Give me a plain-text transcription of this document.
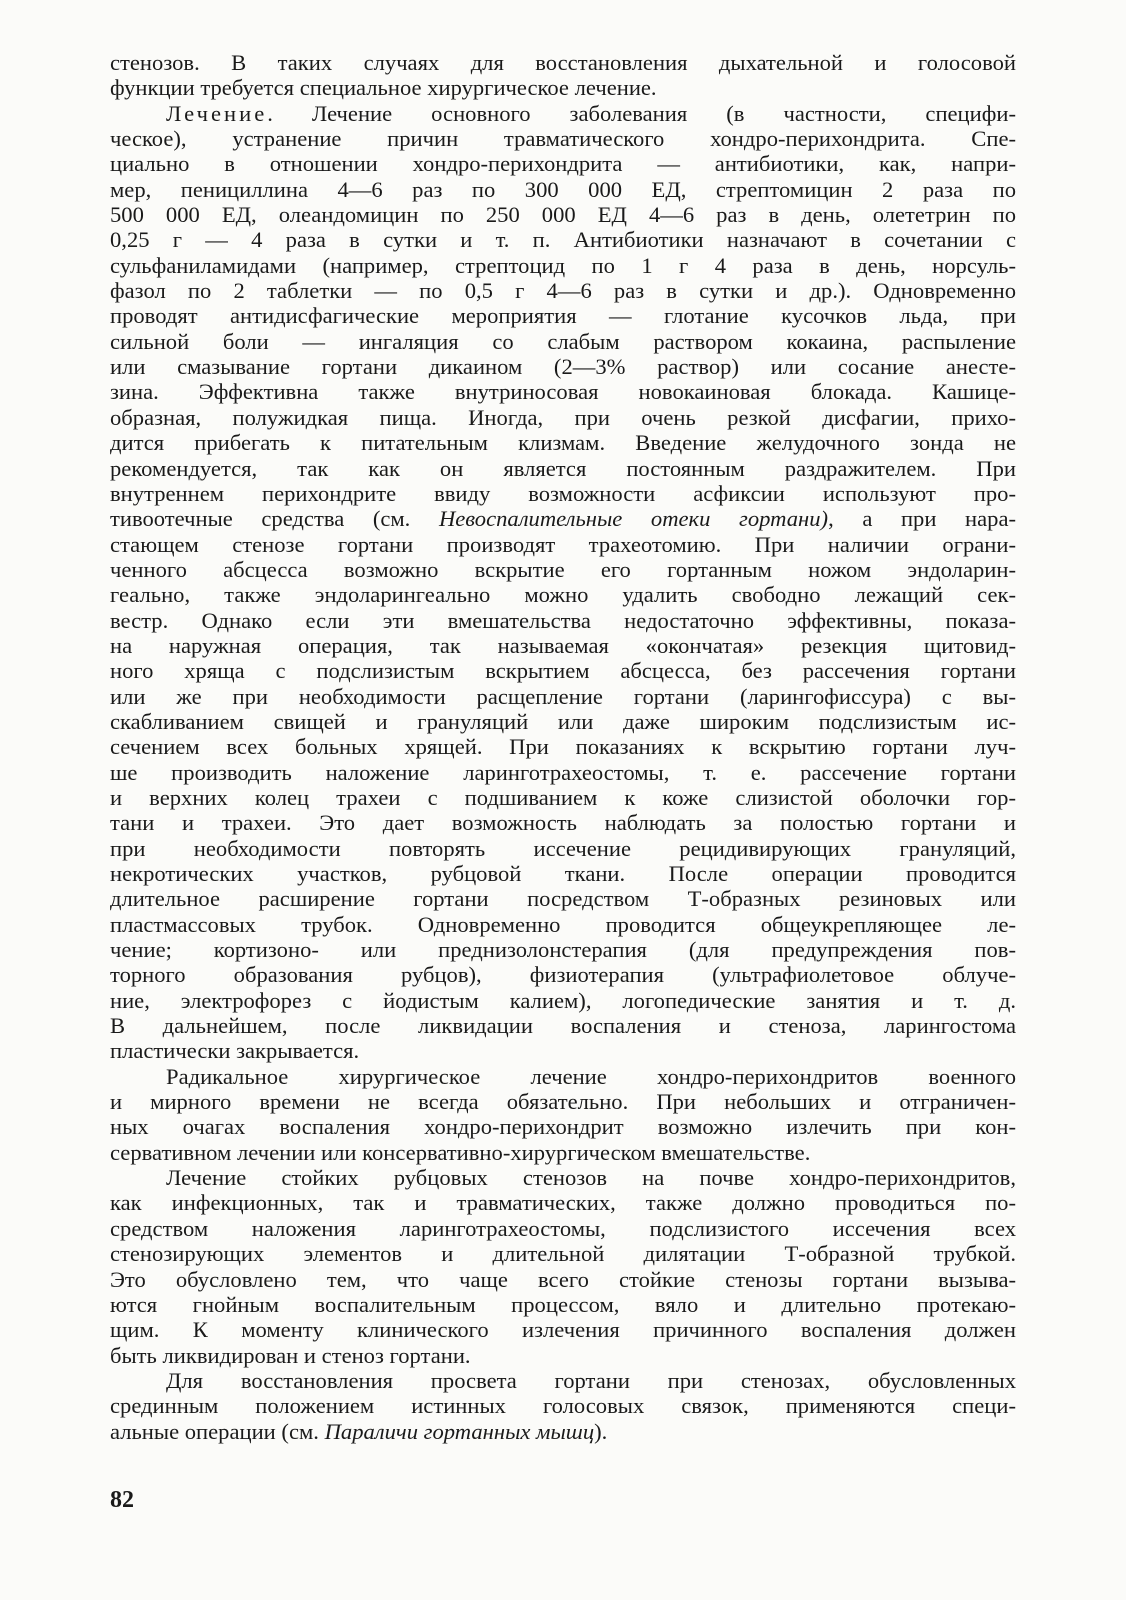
стенозов. В таких случаях для восстановления дыхательной и голосовой
функции требуется специальное хирургическое лечение.
Лечение. Лечение основного заболевания (в частности, специфи-
ческое), устранение причин травматического хондро-перихондрита. Спе-
циально в отношении хондро-перихондрита — антибиотики, как, напри-
мер, пенициллина 4—6 раз по 300 000 ЕД, стрептомицин 2 раза по
500 000 ЕД, олеандомицин по 250 000 ЕД 4—6 раз в день, олететрин по
0,25 г — 4 раза в сутки и т. п. Антибиотики назначают в сочетании с
сульфаниламидами (например, стрептоцид по 1 г 4 раза в день, норсуль-
фазол по 2 таблетки — по 0,5 г 4—6 раз в сутки и др.). Одновременно
проводят антидисфагические мероприятия — глотание кусочков льда, при
сильной боли — ингаляция со слабым раствором кокаина, распыление
или смазывание гортани дикаином (2—3% раствор) или сосание анесте-
зина. Эффективна также внутриносовая новокаиновая блокада. Кашице-
образная, полужидкая пища. Иногда, при очень резкой дисфагии, прихо-
дится прибегать к питательным клизмам. Введение желудочного зонда не
рекомендуется, так как он является постоянным раздражителем. При
внутреннем перихондрите ввиду возможности асфиксии используют про-
тивоотечные средства (см. Невоспалительные отеки гортани), а при нара-
стающем стенозе гортани производят трахеотомию. При наличии ограни-
ченного абсцесса возможно вскрытие его гортанным ножом эндоларин-
геально, также эндоларингеально можно удалить свободно лежащий сек-
вестр. Однако если эти вмешательства недостаточно эффективны, показа-
на наружная операция, так называемая «окончатая» резекция щитовид-
ного хряща с подслизистым вскрытием абсцесса, без рассечения гортани
или же при необходимости расщепление гортани (ларингофиссура) с вы-
скабливанием свищей и грануляций или даже широким подслизистым ис-
сечением всех больных хрящей. При показаниях к вскрытию гортани луч-
ше производить наложение ларинготрахеостомы, т. е. рассечение гортани
и верхних колец трахеи с подшиванием к коже слизистой оболочки гор-
тани и трахеи. Это дает возможность наблюдать за полостью гортани и
при необходимости повторять иссечение рецидивирующих грануляций,
некротических участков, рубцовой ткани. После операции проводится
длительное расширение гортани посредством Т-образных резиновых или
пластмассовых трубок. Одновременно проводится общеукрепляющее ле-
чение; кортизоно- или преднизолонстерапия (для предупреждения пов-
торного образования рубцов), физиотерапия (ультрафиолетовое облуче-
ние, электрофорез с йодистым калием), логопедические занятия и т. д.
В дальнейшем, после ликвидации воспаления и стеноза, ларингостома
пластически закрывается.
Радикальное хирургическое лечение хондро-перихондритов военного
и мирного времени не всегда обязательно. При небольших и отграничен-
ных очагах воспаления хондро-перихондрит возможно излечить при кон-
сервативном лечении или консервативно-хирургическом вмешательстве.
Лечение стойких рубцовых стенозов на почве хондро-перихондритов,
как инфекционных, так и травматических, также должно проводиться по-
средством наложения ларинготрахеостомы, подслизистого иссечения всех
стенозирующих элементов и длительной дилятации Т-образной трубкой.
Это обусловлено тем, что чаще всего стойкие стенозы гортани вызыва-
ются гнойным воспалительным процессом, вяло и длительно протекаю-
щим. К моменту клинического излечения причинного воспаления должен
быть ликвидирован и стеноз гортани.
Для восстановления просвета гортани при стенозах, обусловленных
срединным положением истинных голосовых связок, применяются специ-
альные операции (см. Параличи гортанных мышц).
82
